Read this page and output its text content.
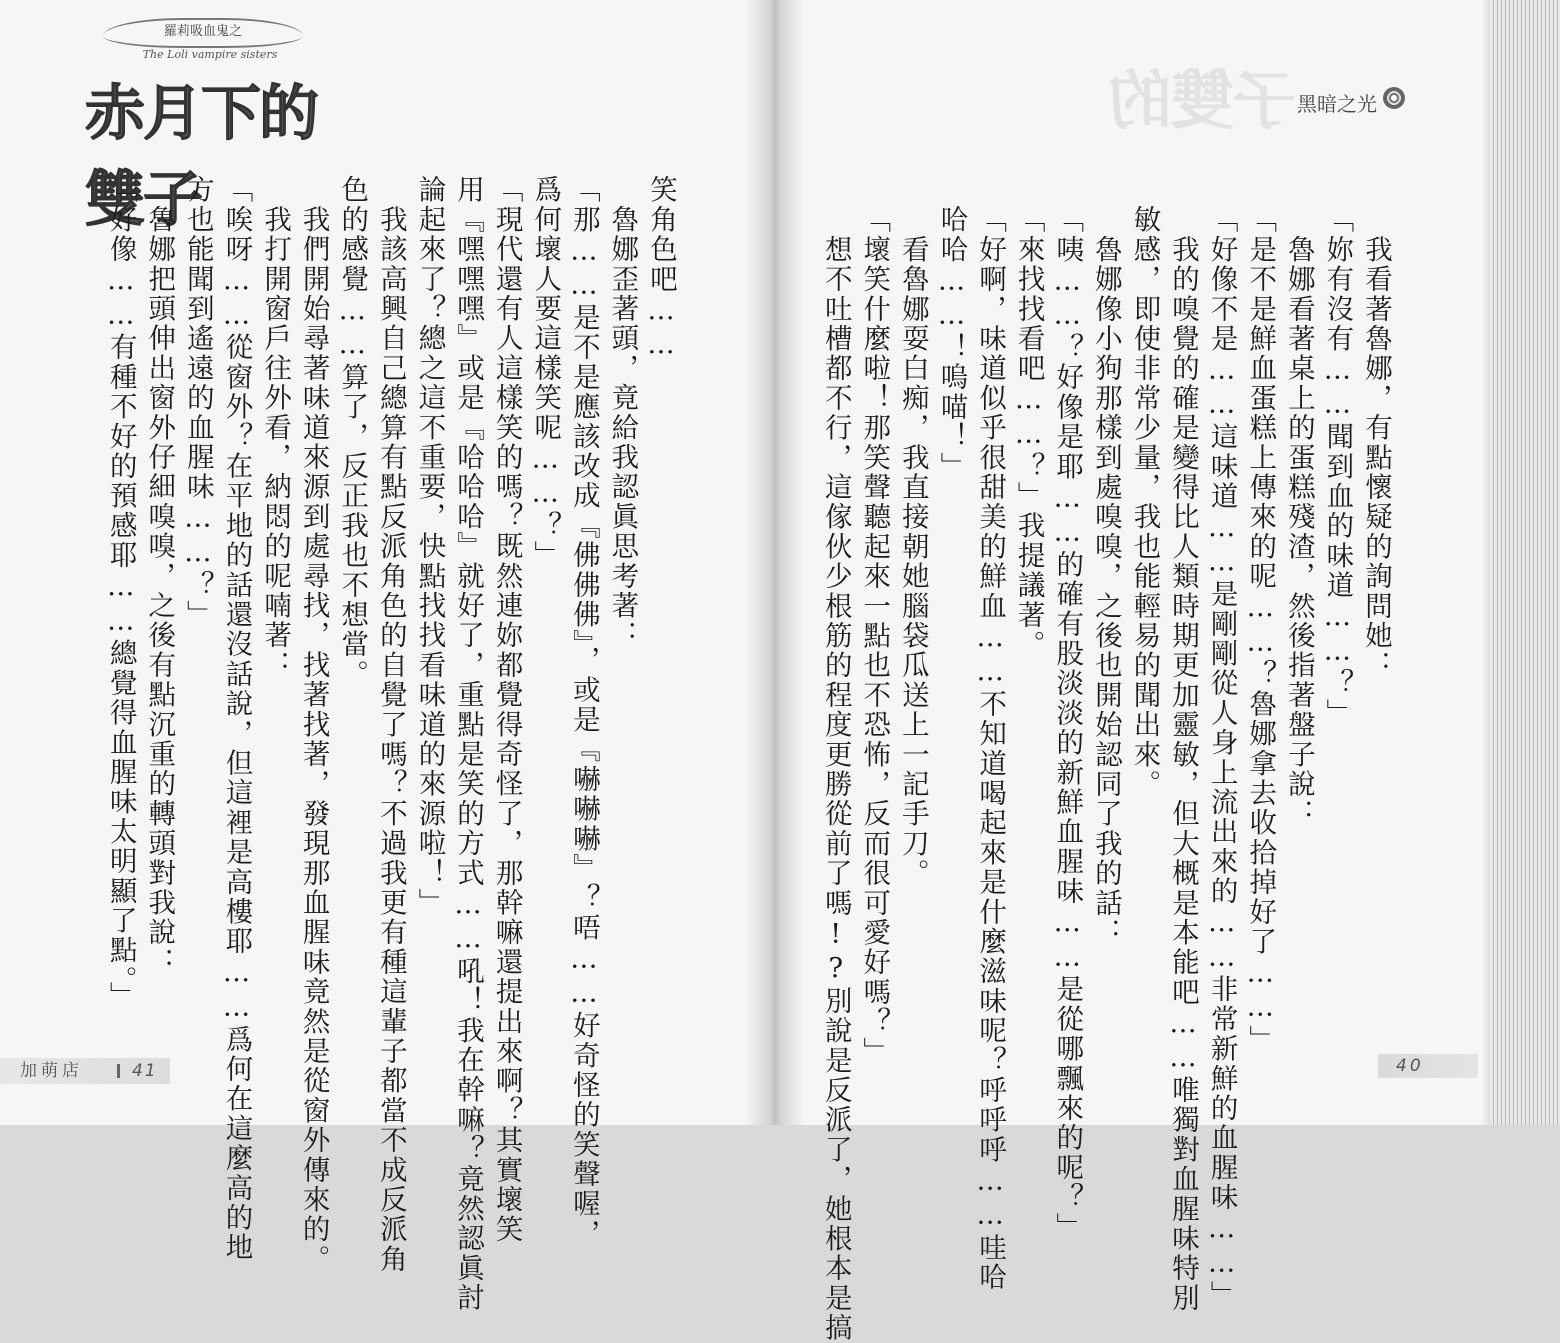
羅莉吸血鬼之
The Loli vampire sisters
赤月下的雙子
子雙的 黑暗之光
笑角色吧……
　魯娜歪著頭，竟給我認眞思考著：
「那……是不是應該改成『佛佛佛』，或是『嚇嚇嚇』？唔……好奇怪的笑聲喔，
爲何壞人要這樣笑呢……？」
「現代還有人這樣笑的嗎？既然連妳都覺得奇怪了，那幹嘛還提出來啊？其實壞笑
用『嘿嘿嘿』或是『哈哈哈』就好了，重點是笑的方式……吼！我在幹嘛？竟然認眞討
論起來了？總之這不重要，快點找找看味道的來源啦！」
　我該高興自己總算有點反派角色的自覺了嗎？不過我更有種這輩子都當不成反派角
色的感覺……算了，反正我也不想當。
　我們開始尋著味道來源到處尋找，找著找著，發現那血腥味竟然是從窗外傳來的。
　我打開窗戶往外看，納悶的呢喃著：
「唉呀……從窗外？在平地的話還沒話說，但這裡是高樓耶……爲何在這麼高的地
方也能聞到遙遠的血腥味……？」
　魯娜把頭伸出窗外仔細嗅嗅，之後有點沉重的轉頭對我說：
「好像……有種不好的預感耶……總覺得血腥味太明顯了點。」	　我看著魯娜，有點懷疑的詢問她：
「妳有沒有……聞到血的味道……？」
　魯娜看著桌上的蛋糕殘渣，然後指著盤子說：
「是不是鮮血蛋糕上傳來的呢……？魯娜拿去收拾掉好了……」
「好像不是……這味道……是剛剛從人身上流出來的……非常新鮮的血腥味……」
　我的嗅覺的確是變得比人類時期更加靈敏，但大概是本能吧……唯獨對血腥味特別
敏感，即使非常少量，我也能輕易的聞出來。
　魯娜像小狗那樣到處嗅嗅，之後也開始認同了我的話：
「咦……？好像是耶……的確有股淡淡的新鮮血腥味……是從哪飄來的呢？」
「來找找看吧……？」我提議著。
「好啊，味道似乎很甜美的鮮血……不知道喝起來是什麼滋味呢？呼呼呼……哇哈
哈哈……！嗚喵！」
　看魯娜耍白痴，我直接朝她腦袋瓜送上一記手刀。
「壞笑什麼啦！那笑聲聽起來一點也不恐怖，反而很可愛好嗎？」
　想不吐槽都不行，這傢伙少根筋的程度更勝從前了嗎!?別說是反派了，她根本是搞
加萌店	41	40
